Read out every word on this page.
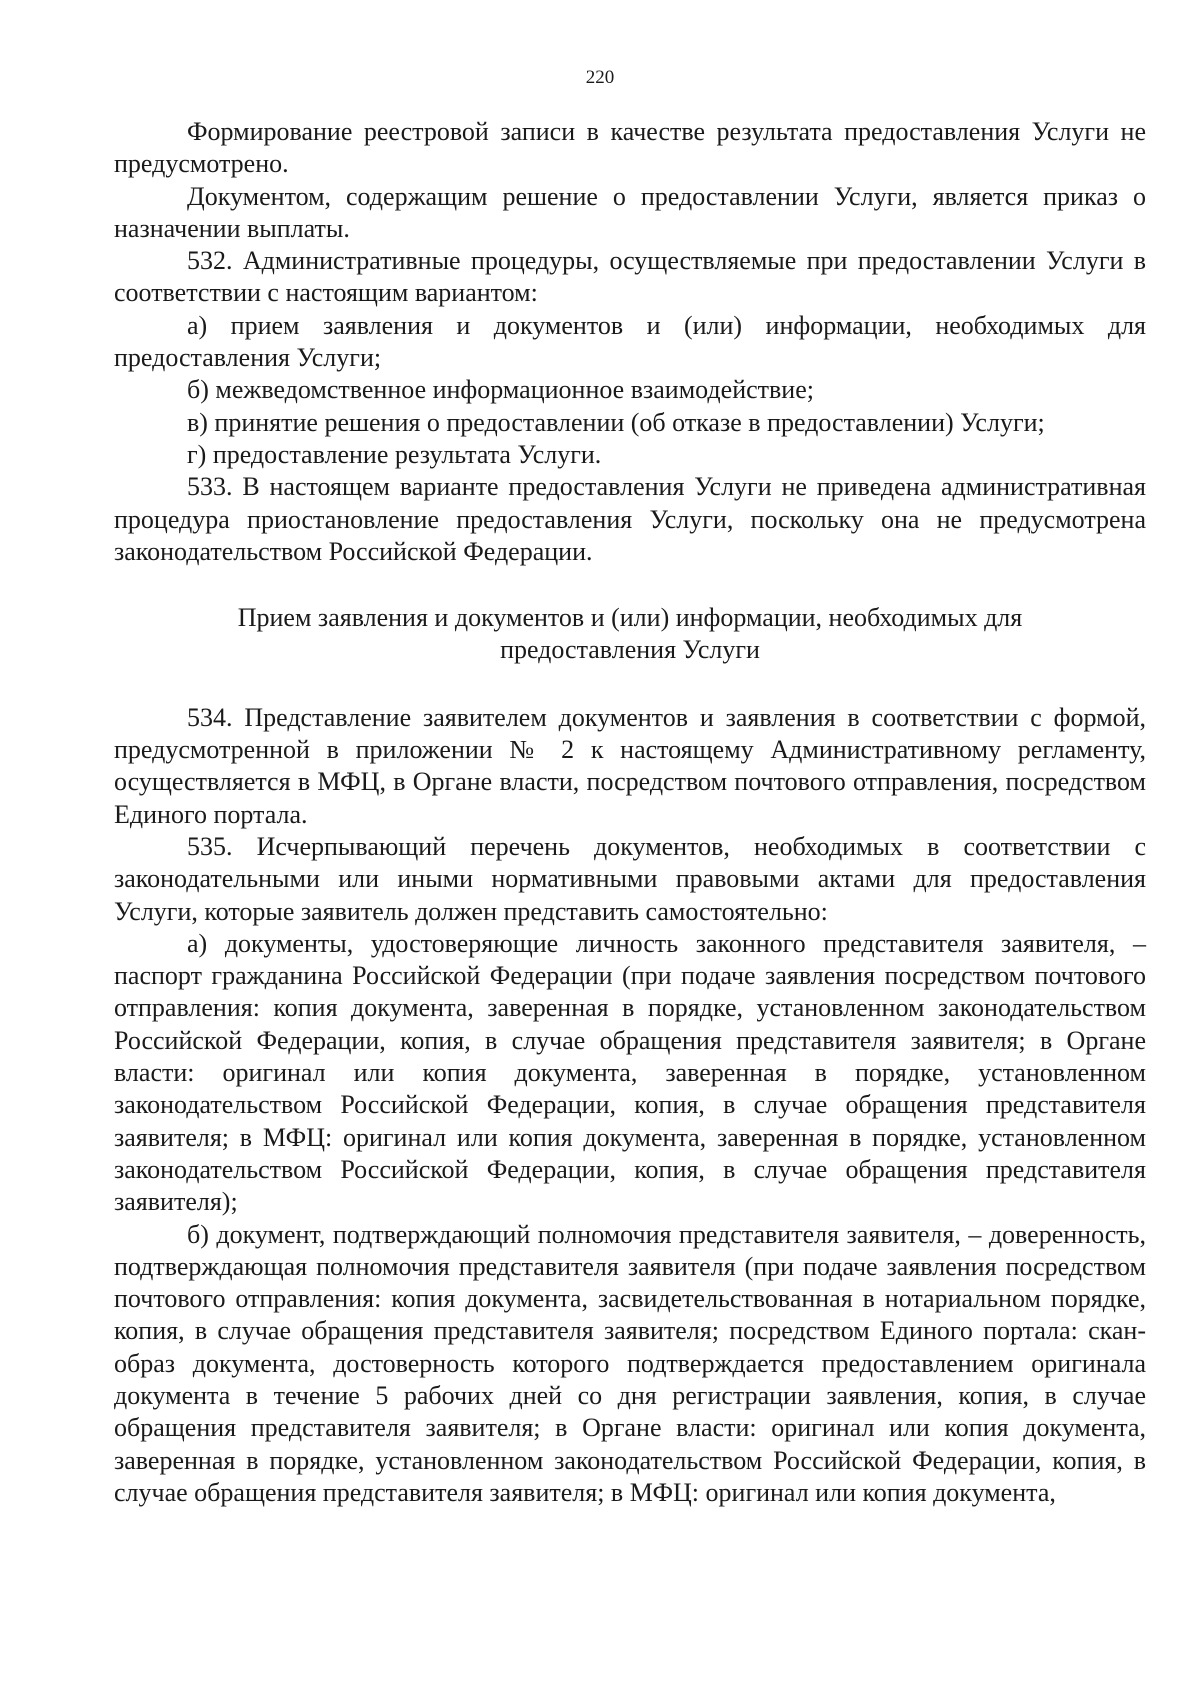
220

Формирование реестровой записи в качестве результата предоставления Услуги не предусмотрено.

Документом, содержащим решение о предоставлении Услуги, является приказ о назначении выплаты.

532. Административные процедуры, осуществляемые при предоставлении Услуги в соответствии с настоящим вариантом:

а) прием заявления и документов и (или) информации, необходимых для предоставления Услуги;

б) межведомственное информационное взаимодействие;

в) принятие решения о предоставлении (об отказе в предоставлении) Услуги;

г) предоставление результата Услуги.

533. В настоящем варианте предоставления Услуги не приведена административная процедура приостановление предоставления Услуги, поскольку она не предусмотрена законодательством Российской Федерации.

Прием заявления и документов и (или) информации, необходимых для
предоставления Услуги

534. Представление заявителем документов и заявления в соответствии с формой, предусмотренной в приложении № 2 к настоящему Административному регламенту, осуществляется в МФЦ, в Органе власти, посредством почтового отправления, посредством Единого портала.

535. Исчерпывающий перечень документов, необходимых в соответствии с законодательными или иными нормативными правовыми актами для предоставления Услуги, которые заявитель должен представить самостоятельно:

а) документы, удостоверяющие личность законного представителя заявителя, – паспорт гражданина Российской Федерации (при подаче заявления посредством почтового отправления: копия документа, заверенная в порядке, установленном законодательством Российской Федерации, копия, в случае обращения представителя заявителя; в Органе власти: оригинал или копия документа, заверенная в порядке, установленном законодательством Российской Федерации, копия, в случае обращения представителя заявителя; в МФЦ: оригинал или копия документа, заверенная в порядке, установленном законодательством Российской Федерации, копия, в случае обращения представителя заявителя);

б) документ, подтверждающий полномочия представителя заявителя, – доверенность, подтверждающая полномочия представителя заявителя (при подаче заявления посредством почтового отправления: копия документа, засвидетельствованная в нотариальном порядке, копия, в случае обращения представителя заявителя; посредством Единого портала: скан-образ документа, достоверность которого подтверждается предоставлением оригинала документа в течение 5 рабочих дней со дня регистрации заявления, копия, в случае обращения представителя заявителя; в Органе власти: оригинал или копия документа, заверенная в порядке, установленном законодательством Российской Федерации, копия, в случае обращения представителя заявителя; в МФЦ: оригинал или копия документа,
